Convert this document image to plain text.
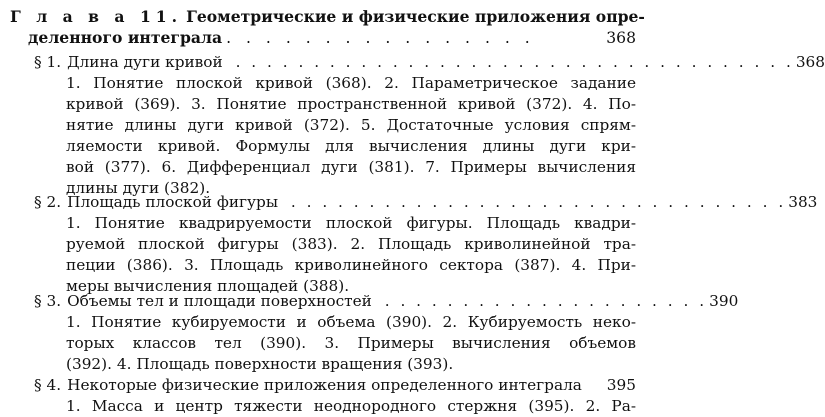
Г л а в а 11. Геометрические и физические приложения опре-
деленного интеграла . . . . . . . . . . . . . . . .	368
§ 1. Длина дуги кривой . . . . . . . . . . . . . . . . . . . . . . . . . . . . . . . . . . . . 368
1. Понятие плоской кривой (368). 2. Параметрическое задание
кривой (369). 3. Понятие пространственной кривой (372). 4. По-
нятие длины дуги кривой (372). 5. Достаточные условия спрям-
ляемости кривой. Формулы для вычисления длины дуги кри-
вой (377). 6. Дифференциал дуги (381). 7. Примеры вычисления
длины дуги (382).
§ 2. Площадь плоской фигуры . . . . . . . . . . . . . . . . . . . . . . . . . . . . . . . . 383
1. Понятие квадрируемости плоской фигуры. Площадь квадри-
руемой плоской фигуры (383). 2. Площадь криволинейной тра-
пеции (386). 3. Площадь криволинейного сектора (387). 4. При-
меры вычисления площадей (388).
§ 3. Объемы тел и площади поверхностей . . . . . . . . . . . . . . . . . . . . . 390
1. Понятие кубируемости и объема (390). 2. Кубируемость неко-
торых классов тел (390). 3. Примеры вычисления объемов
(392). 4. Площадь поверхности вращения (393).
§ 4. Некоторые физические приложения определенного интеграла	395
1. Масса и центр тяжести неоднородного стержня (395). 2. Ра-
